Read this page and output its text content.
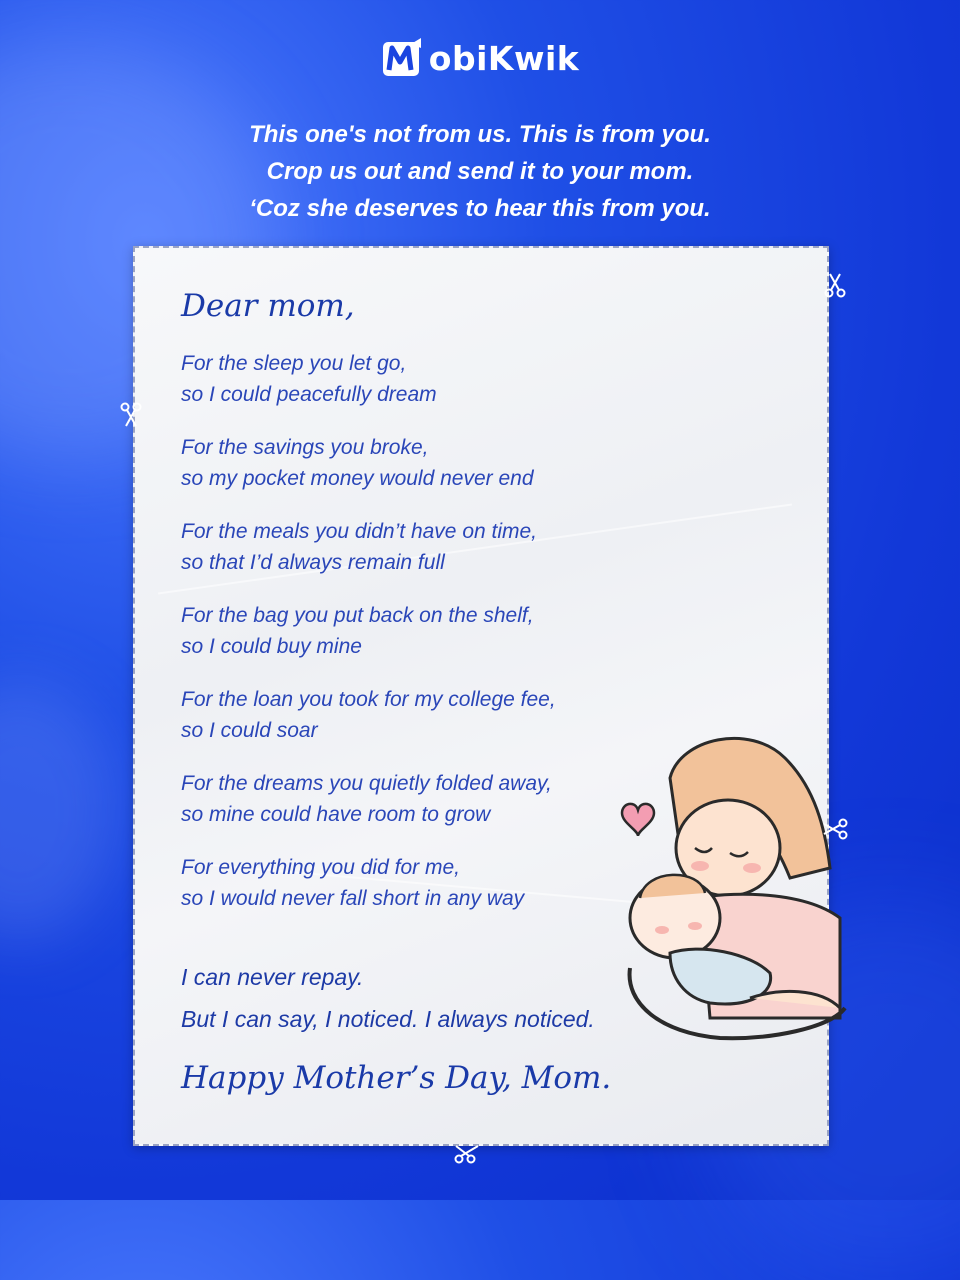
obiKwik
This one's not from us. This is from you.
Crop us out and send it to your mom.
‘Coz she deserves to hear this from you.
Dear mom,
For the sleep you let go,
so I could peacefully dream
For the savings you broke,
so my pocket money would never end
For the meals you didn’t have on time,
so that I’d always remain full
For the bag you put back on the shelf,
so I could buy mine
For the loan you took for my college fee,
so I could soar
For the dreams you quietly folded away,
so mine could have room to grow
For everything you did for me,
so I would never fall short in any way
I can never repay.
But I can say, I noticed. I always noticed.
Happy Mother’s Day, Mom.
